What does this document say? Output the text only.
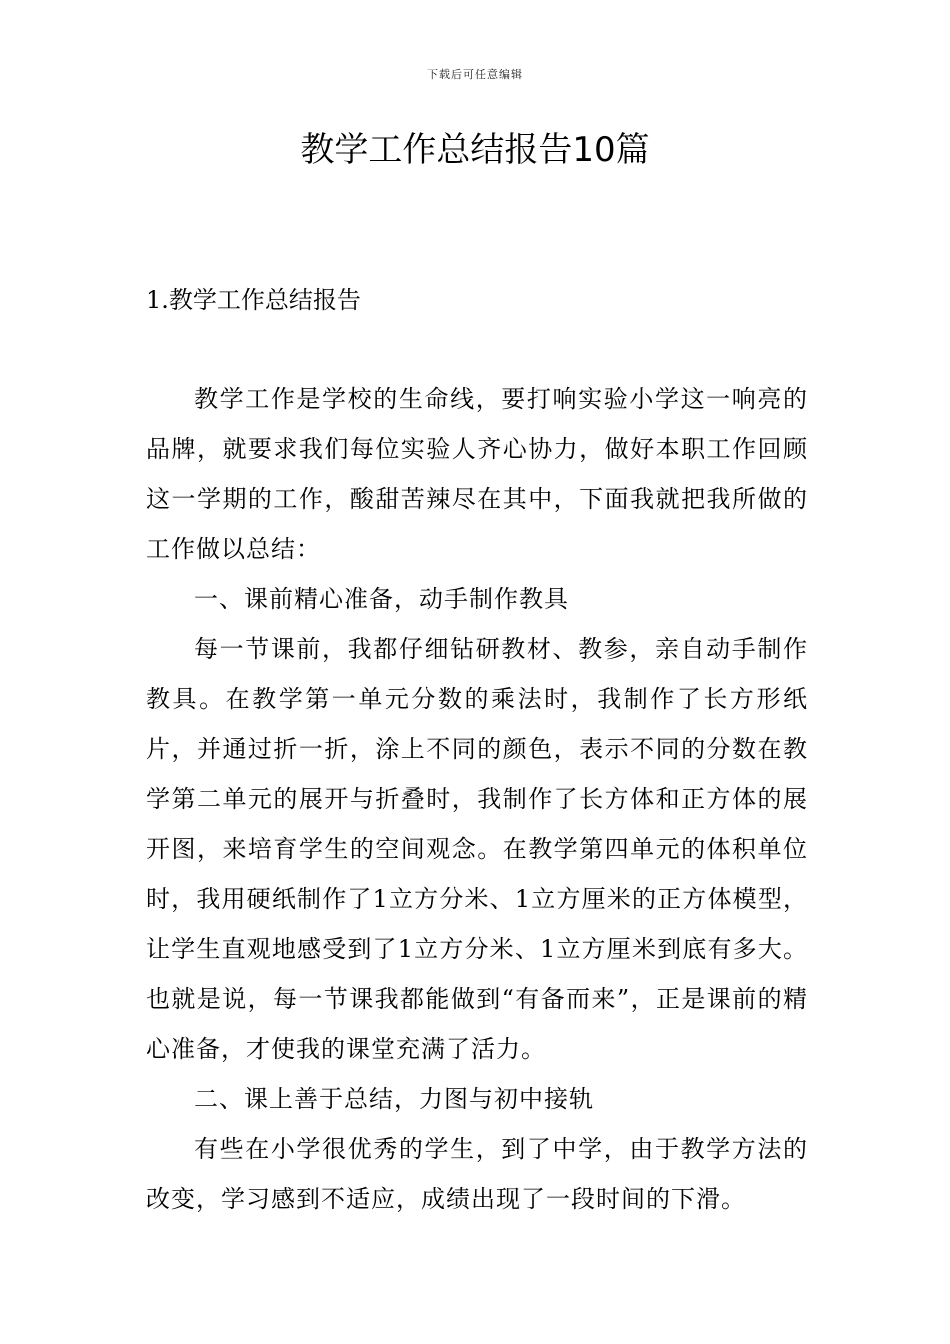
下载后可任意编辑
教学工作总结报告10篇
1.教学工作总结报告

教学工作是学校的生命线，要打响实验小学这一响亮的品牌，就要求我们每位实验人齐心协力，做好本职工作回顾这一学期的工作，酸甜苦辣尽在其中，下面我就把我所做的工作做以总结：

一、课前精心准备，动手制作教具

每一节课前，我都仔细钻研教材、教参，亲自动手制作教具。在教学第一单元分数的乘法时，我制作了长方形纸片，并通过折一折，涂上不同的颜色，表示不同的分数在教学第二单元的展开与折叠时，我制作了长方体和正方体的展开图，来培育学生的空间观念。在教学第四单元的体积单位时，我用硬纸制作了1立方分米、1立方厘米的正方体模型，让学生直观地感受到了1立方分米、1立方厘米到底有多大。也就是说，每一节课我都能做到“有备而来”，正是课前的精心准备，才使我的课堂充满了活力。

二、课上善于总结，力图与初中接轨

有些在小学很优秀的学生，到了中学，由于教学方法的改变，学习感到不适应，成绩出现了一段时间的下滑。
